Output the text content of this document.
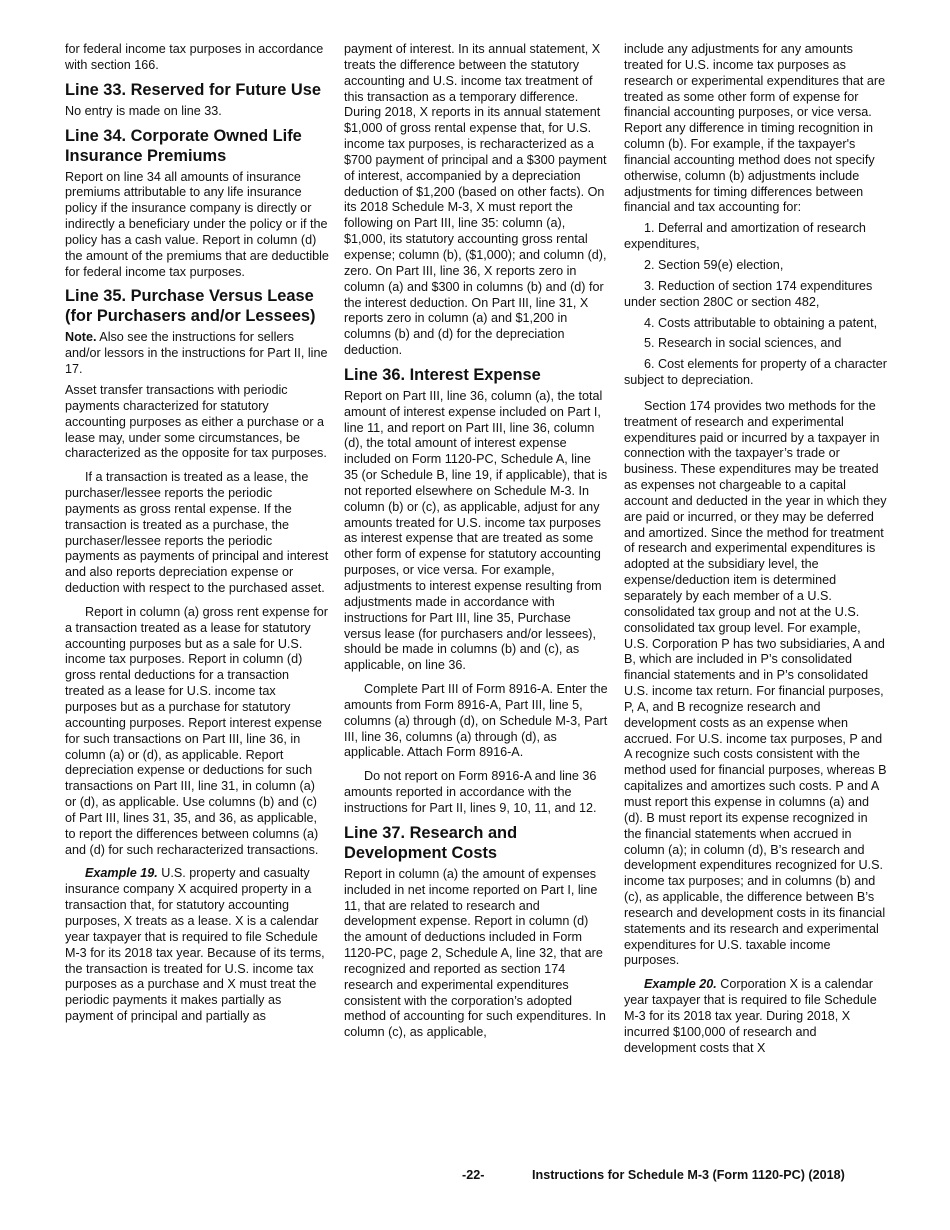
for federal income tax purposes in accordance with section 166.

Line 33. Reserved for Future Use

No entry is made on line 33.

Line 34. Corporate Owned Life Insurance Premiums

Report on line 34 all amounts of insurance premiums attributable to any life insurance policy if the insurance company is directly or indirectly a beneficiary under the policy or if the policy has a cash value. Report in column (d) the amount of the premiums that are deductible for federal income tax purposes.

Line 35. Purchase Versus Lease (for Purchasers and/or Lessees)

Note. Also see the instructions for sellers and/or lessors in the instructions for Part II, line 17.

Asset transfer transactions with periodic payments characterized for statutory accounting purposes as either a purchase or a lease may, under some circumstances, be characterized as the opposite for tax purposes.

If a transaction is treated as a lease, the purchaser/lessee reports the periodic payments as gross rental expense. If the transaction is treated as a purchase, the purchaser/lessee reports the periodic payments as payments of principal and interest and also reports depreciation expense or deduction with respect to the purchased asset.

Report in column (a) gross rent expense for a transaction treated as a lease for statutory accounting purposes but as a sale for U.S. income tax purposes. Report in column (d) gross rental deductions for a transaction treated as a lease for U.S. income tax purposes but as a purchase for statutory accounting purposes. Report interest expense for such transactions on Part III, line 36, in column (a) or (d), as applicable. Report depreciation expense or deductions for such transactions on Part III, line 31, in column (a) or (d), as applicable. Use columns (b) and (c) of Part III, lines 31, 35, and 36, as applicable, to report the differences between columns (a) and (d) for such recharacterized transactions.

Example 19. U.S. property and casualty insurance company X acquired property in a transaction that, for statutory accounting purposes, X treats as a lease. X is a calendar year taxpayer that is required to file Schedule M-3 for its 2018 tax year. Because of its terms, the transaction is treated for U.S. income tax purposes as a purchase and X must treat the periodic payments it makes partially as payment of principal and partially as

payment of interest. In its annual statement, X treats the difference between the statutory accounting and U.S. income tax treatment of this transaction as a temporary difference. During 2018, X reports in its annual statement $1,000 of gross rental expense that, for U.S. income tax purposes, is recharacterized as a $700 payment of principal and a $300 payment of interest, accompanied by a depreciation deduction of $1,200 (based on other facts). On its 2018 Schedule M-3, X must report the following on Part III, line 35: column (a), $1,000, its statutory accounting gross rental expense; column (b), ($1,000); and column (d), zero. On Part III, line 36, X reports zero in column (a) and $300 in columns (b) and (d) for the interest deduction. On Part III, line 31, X reports zero in column (a) and $1,200 in columns (b) and (d) for the depreciation deduction.

Line 36. Interest Expense

Report on Part III, line 36, column (a), the total amount of interest expense included on Part I, line 11, and report on Part III, line 36, column (d), the total amount of interest expense included on Form 1120-PC, Schedule A, line 35 (or Schedule B, line 19, if applicable), that is not reported elsewhere on Schedule M-3. In column (b) or (c), as applicable, adjust for any amounts treated for U.S. income tax purposes as interest expense that are treated as some other form of expense for statutory accounting purposes, or vice versa. For example, adjustments to interest expense resulting from adjustments made in accordance with instructions for Part III, line 35, Purchase versus lease (for purchasers and/or lessees), should be made in columns (b) and (c), as applicable, on line 36.

Complete Part III of Form 8916-A. Enter the amounts from Form 8916-A, Part III, line 5, columns (a) through (d), on Schedule M-3, Part III, line 36, columns (a) through (d), as applicable. Attach Form 8916-A.

Do not report on Form 8916-A and line 36 amounts reported in accordance with the instructions for Part II, lines 9, 10, 11, and 12.

Line 37. Research and Development Costs

Report in column (a) the amount of expenses included in net income reported on Part I, line 11, that are related to research and development expense. Report in column (d) the amount of deductions included in Form 1120-PC, page 2, Schedule A, line 32, that are recognized and reported as section 174 research and experimental expenditures consistent with the corporation’s adopted method of accounting for such expenditures. In column (c), as applicable,

include any adjustments for any amounts treated for U.S. income tax purposes as research or experimental expenditures that are treated as some other form of expense for financial accounting purposes, or vice versa. Report any difference in timing recognition in column (b). For example, if the taxpayer's financial accounting method does not specify otherwise, column (b) adjustments include adjustments for timing differences between financial and tax accounting for:

1. Deferral and amortization of research expenditures,

2. Section 59(e) election,

3. Reduction of section 174 expenditures under section 280C or section 482,

4. Costs attributable to obtaining a patent,

5. Research in social sciences, and

6. Cost elements for property of a character subject to depreciation.

Section 174 provides two methods for the treatment of research and experimental expenditures paid or incurred by a taxpayer in connection with the taxpayer’s trade or business. These expenditures may be treated as expenses not chargeable to a capital account and deducted in the year in which they are paid or incurred, or they may be deferred and amortized. Since the method for treatment of research and experimental expenditures is adopted at the subsidiary level, the expense/deduction item is determined separately by each member of a U.S. consolidated tax group and not at the U.S. consolidated tax group level. For example, U.S. Corporation P has two subsidiaries, A and B, which are included in P’s consolidated financial statements and in P’s consolidated U.S. income tax return. For financial purposes, P, A, and B recognize research and development costs as an expense when accrued. For U.S. income tax purposes, P and A recognize such costs consistent with the method used for financial purposes, whereas B capitalizes and amortizes such costs. P and A must report this expense in columns (a) and (d). B must report its expense recognized in the financial statements when accrued in column (a); in column (d), B’s research and development expenditures recognized for U.S. income tax purposes; and in columns (b) and (c), as applicable, the difference between B’s research and development costs in its financial statements and its research and experimental expenditures for U.S. taxable income purposes.

Example 20. Corporation X is a calendar year taxpayer that is required to file Schedule M-3 for its 2018 tax year. During 2018, X incurred $100,000 of research and development costs that X

-22-	Instructions for Schedule M-3 (Form 1120-PC) (2018)
